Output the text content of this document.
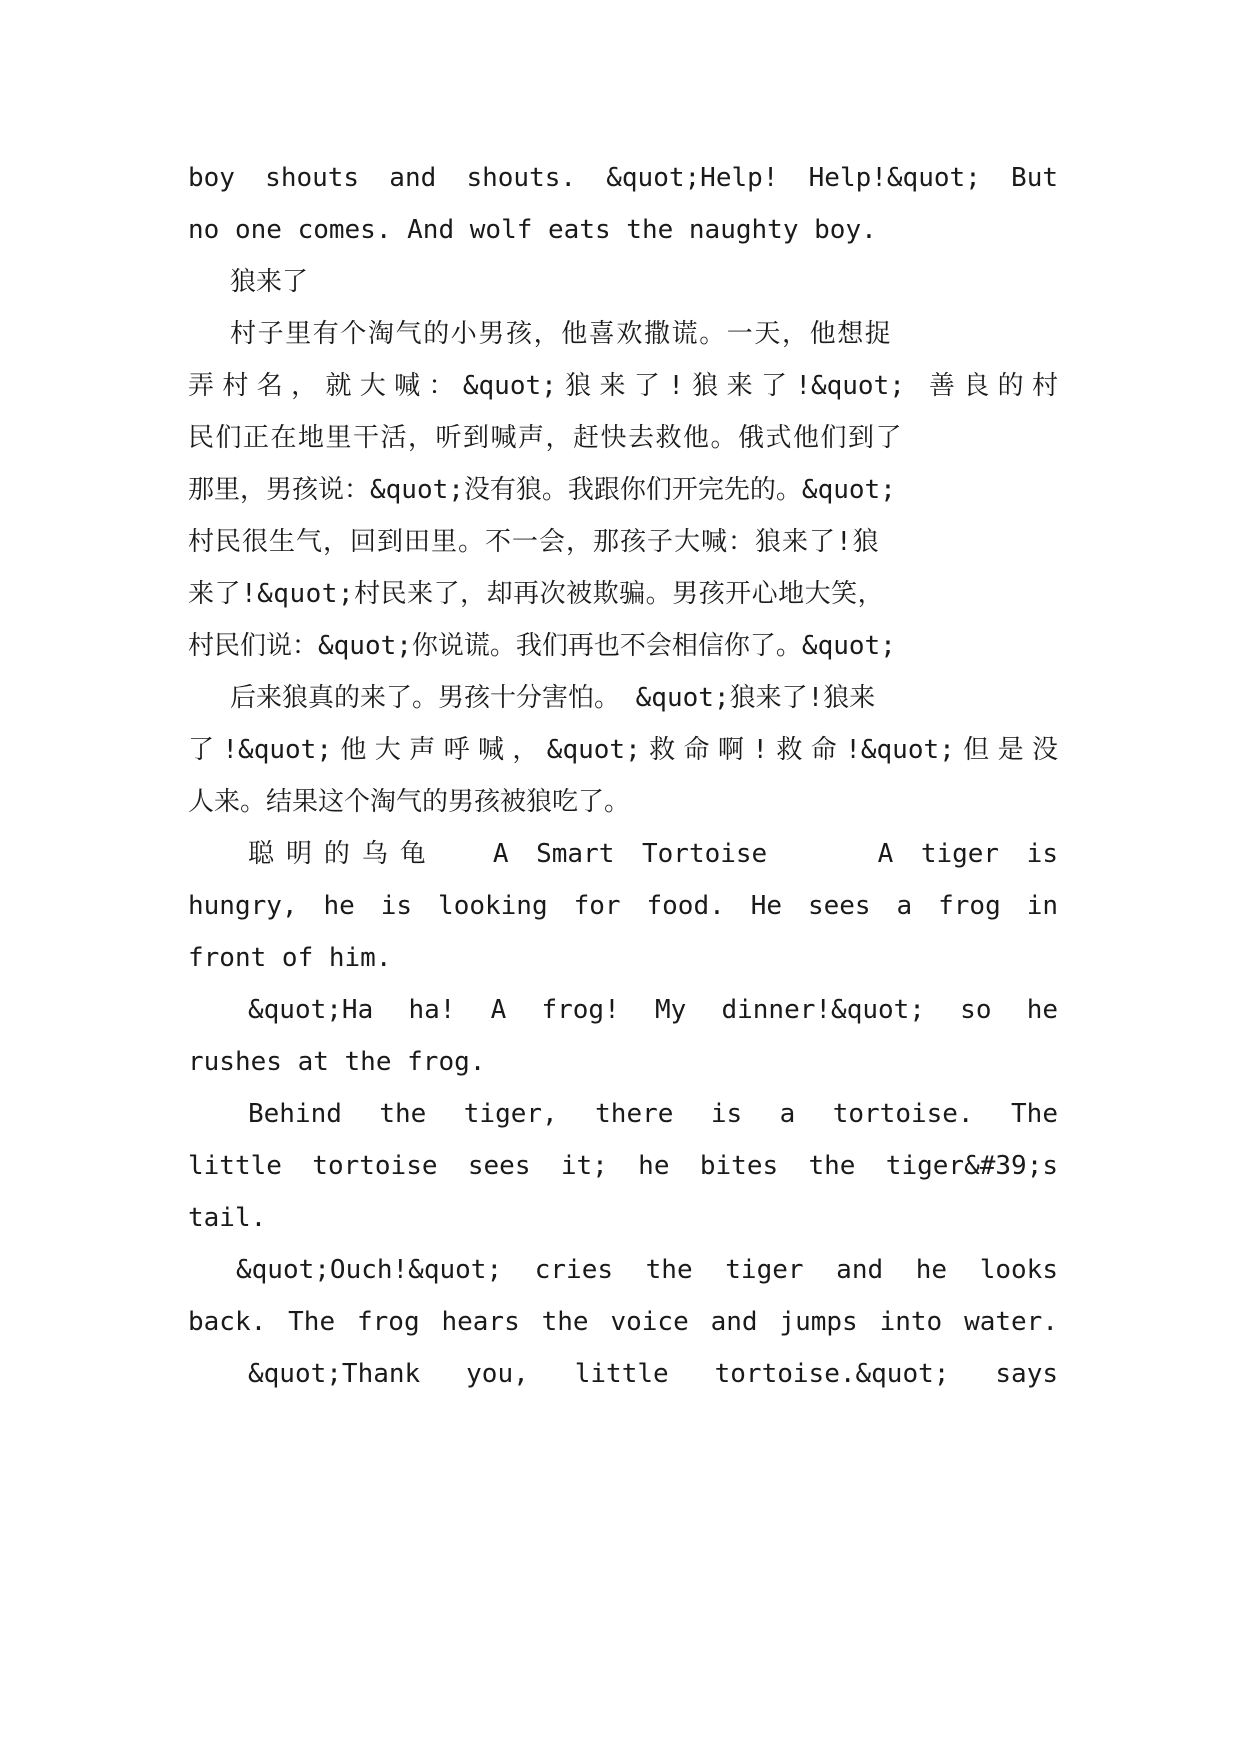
boy shouts and shouts. &quot;Help! Help!&quot; But
no one comes. And wolf eats the naughty boy.
狼来了
村子里有个淘气的小男孩，他喜欢撒谎。一天，他想捉
弄村名，就大喊：&quot;狼来了!狼来了!&quot; 善良的村
民们正在地里干活，听到喊声，赶快去救他。俄式他们到了
那里，男孩说：&quot;没有狼。我跟你们开完先的。&quot;
村民很生气，回到田里。不一会，那孩子大喊：狼来了!狼
来了!&quot;村民来了，却再次被欺骗。男孩开心地大笑，
村民们说：&quot;你说谎。我们再也不会相信你了。&quot;
后来狼真的来了。男孩十分害怕。 &quot;狼来了!狼来
了!&quot;他大声呼喊，&quot;救命啊!救命!&quot;但是没
人来。结果这个淘气的男孩被狼吃了。
聪明的乌龟  A Smart Tortoise    A tiger is
hungry, he is looking for food. He sees a frog in
front of him.
&quot;Ha ha! A frog! My dinner!&quot; so he
rushes at the frog.
Behind the tiger, there is a tortoise. The
little tortoise sees it; he bites the tiger&#39;s
tail.
&quot;Ouch!&quot; cries the tiger and he looks
back. The frog hears the voice and jumps into water.
&quot;Thank you, little tortoise.&quot; says
